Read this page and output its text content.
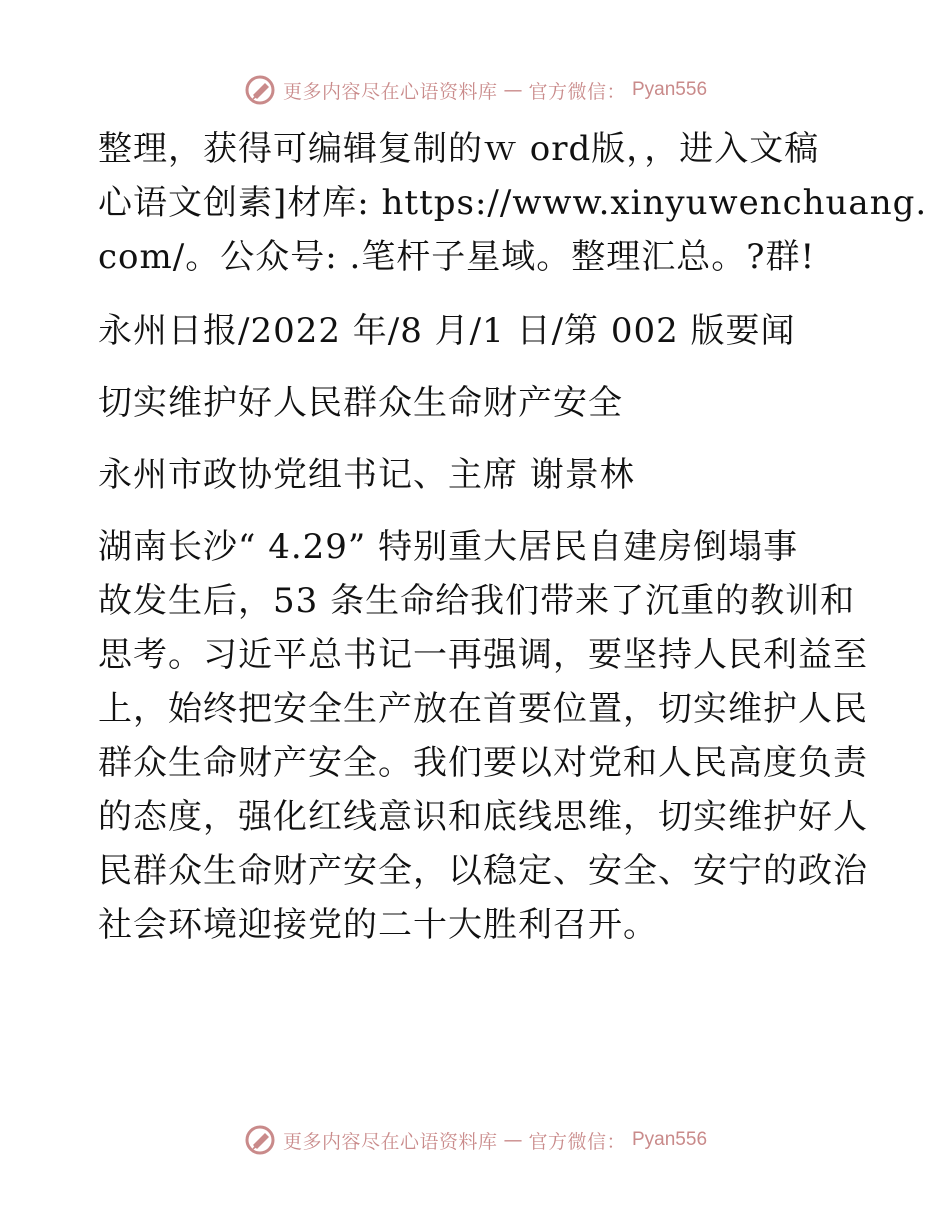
更多内容尽在心语资料库 — 官方微信： Pyan556
整理，获得可编辑复制的ｗ ord版，，进入文稿
心语文创素]材库: https://www.xinyuwenchuang.
com/。公众号: .笔杆子星域。整理汇总。?群!
永州日报/2022 年/8 月/1 日/第 002 版要闻
切实维护好人民群众生命财产安全
永州市政协党组书记、主席 谢景林
湖南长沙“ 4.29” 特别重大居民自建房倒塌事
故发生后，53 条生命给我们带来了沉重的教训和
思考。习近平总书记一再强调，要坚持人民利益至
上，始终把安全生产放在首要位置，切实维护人民
群众生命财产安全。我们要以对党和人民高度负责
的态度，强化红线意识和底线思维，切实维护好人
民群众生命财产安全，以稳定、安全、安宁的政治
社会环境迎接党的二十大胜利召开。
更多内容尽在心语资料库 — 官方微信： Pyan556
